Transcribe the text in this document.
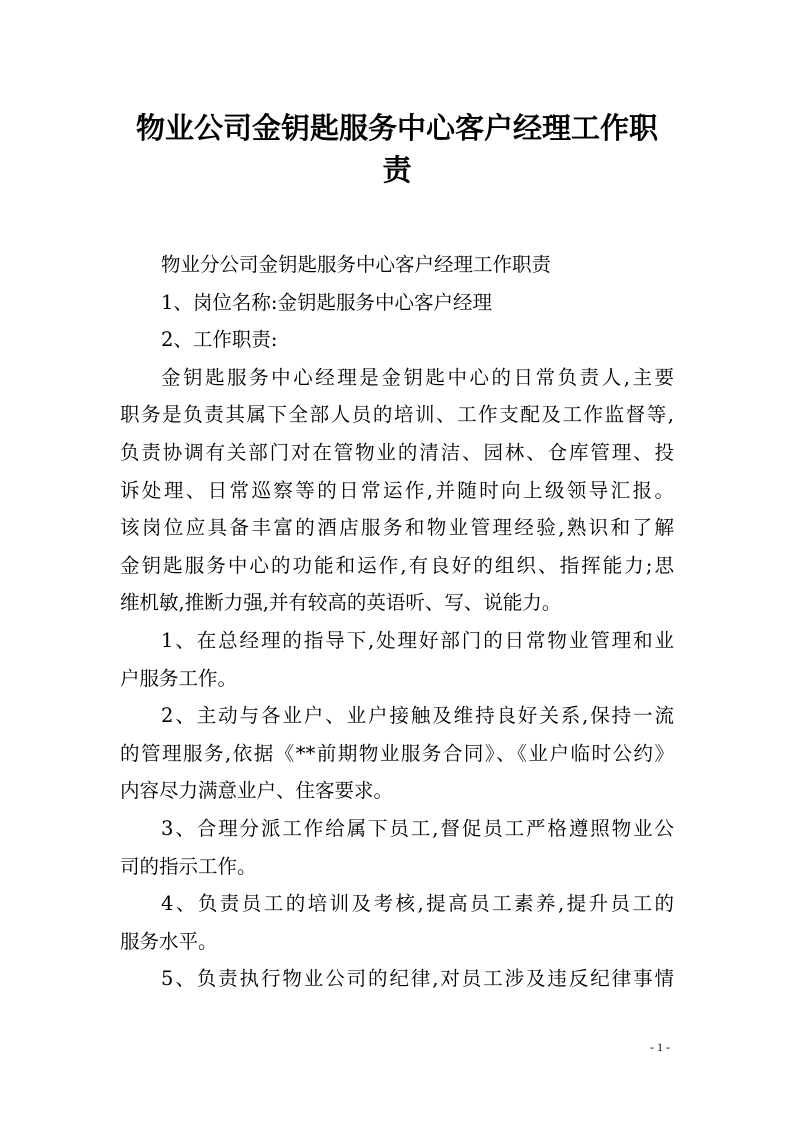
物业公司金钥匙服务中心客户经理工作职
责
物业分公司金钥匙服务中心客户经理工作职责
1、岗位名称:金钥匙服务中心客户经理
2、工作职责:
金钥匙服务中心经理是金钥匙中心的日常负责人,主要
职务是负责其属下全部人员的培训、工作支配及工作监督等,
负责协调有关部门对在管物业的清洁、园林、仓库管理、投
诉处理、日常巡察等的日常运作,并随时向上级领导汇报。
该岗位应具备丰富的酒店服务和物业管理经验,熟识和了解
金钥匙服务中心的功能和运作,有良好的组织、指挥能力;思
维机敏,推断力强,并有较高的英语听、写、说能力。
1、在总经理的指导下,处理好部门的日常物业管理和业
户服务工作。
2、主动与各业户、业户接触及维持良好关系,保持一流
的管理服务,依据《**前期物业服务合同》、《业户临时公约》
内容尽力满意业户、住客要求。
3、合理分派工作给属下员工,督促员工严格遵照物业公
司的指示工作。
4、负责员工的培训及考核,提高员工素养,提升员工的
服务水平。
5、负责执行物业公司的纪律,对员工涉及违反纪律事情
- 1 -
